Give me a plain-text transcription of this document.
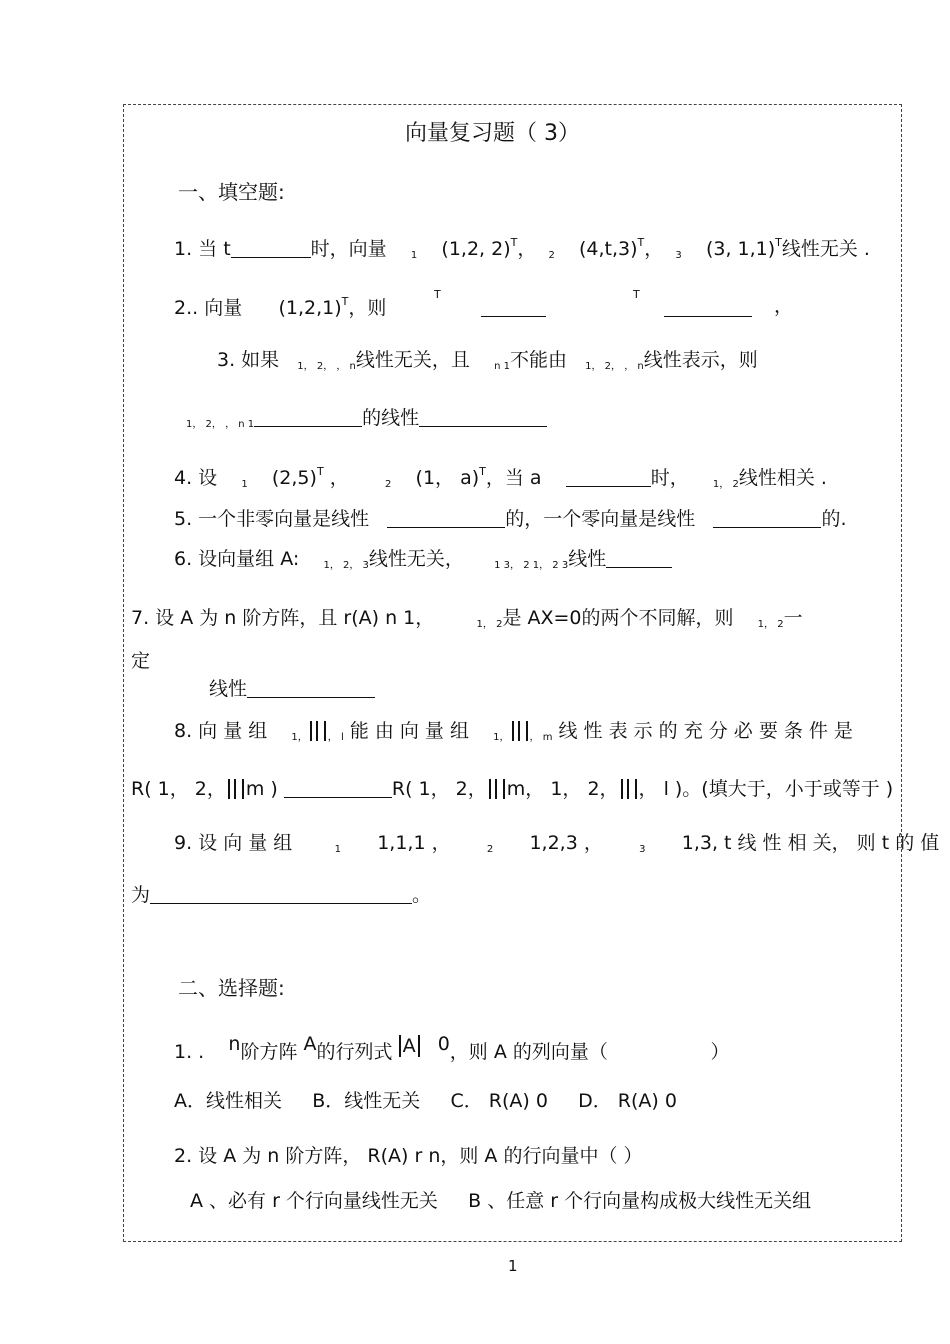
向量复习题（ 3）
一、填空题:
1. 当 t	时，向量 $_1$ (1,2, 2)$^T$， $_2$ $(4,t,3)^T$， $_3$ (3, 1,1)$^T$线性无关 .
2.. 向量 $(1,2,1)^T$，则
T	T
，
3. 如果 $_{1, 2, , n}$线性无关，且 $_{n 1}$不能由 $_{1, 2, , n}$线性表示，则
$_{1, 2, , n 1}$	的线性
4. 设 $_1$ $(2,5)^T$ ，	$_2$ (1， a)$^T$，当 a	时， $_{1, 2}$线性相关 .
5. 一个非零向量是线性	的，一个零向量是线性	的.
6. 设向量组 A: $_{1, 2, 3}$线性无关，	$_{1 3, 2 1, 2 3}$线性
7. 设 A 为 n 阶方阵，且 r(A) n 1，	$_{1, 2}$是 AX=0的两个不同解，则 $_{1, 2}$一
定
线性
8. 向 量 组 $_{1,}$ $_{, l}$ 能 由 向 量 组 $_{1,}$ $_{, m}$ 线 性 表 示 的 充 分 必 要 条 件 是
R( 1， 2， m )	R( 1， 2， m， 1， 2， ， l )。(填大于，小于或等于 )
9. 设 向 量 组	$_1$ 1,1,1 ，	$_2$ 1,2,3 ，	$_3$ 1,3, t 线 性 相 关， 则 t 的 值
为	。
二、选择题:
1. . n阶方阵 A的行列式 A 0，则 A 的列向量（	）
A．线性相关 B．线性无关 C． R(A) 0 D． R(A) 0
2. 设 A 为 n 阶方阵， R(A) r n，则 A 的行向量中（ ）
A 、必有 r 个行向量线性无关 B 、任意 r 个行向量构成极大线性无关组
1
